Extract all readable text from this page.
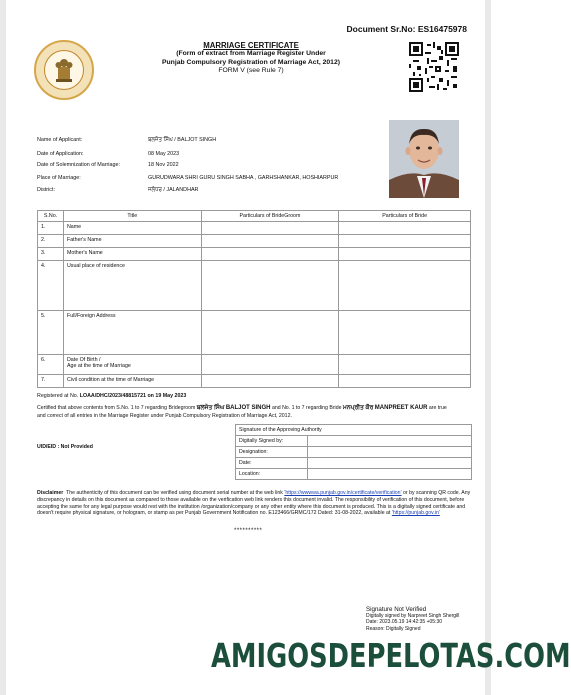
Document Sr.No: ES16475978
MARRIAGE CERTIFICATE
(Form of extract from Marriage Register Under
Punjab Compulsory Registration of Marriage Act, 2012)
FORM V (see Rule 7)
Name of Applicant:	ਬਲਜੋਤ ਸਿੰਘ / BALJOT SINGH
Date of Application:	08 May 2023
Date of Solemnization of Marriage:	18 Nov 2022
Place of Marriage:	GURUDWARA SHRI GURU SINGH SABHA , GARHSHANKAR, HOSHIARPUR
District:	ਜਲੰਧਰ / JALANDHAR
S.No.	Title	Particulars of BrideGroom	Particulars of Bride
1.	Name		
2.	Father's Name		
3.	Mother's Name		
4.	Usual place of residence		
5.	Full/Foreign Address		
6.	Date Of Birth /
Age at the time of Marriage		
7.	Civil condition at the time of Marriage		
Registered at No. LOAA/DHC/2023/48815721 on 19 May 2023
Certified that above contents from S.No. 1 to 7 regarding Bridegroom ਬਲਜੋਤ ਸਿੰਘ BALJOT SINGH and No. 1 to 7 regarding Bride ਮਨਪ੍ਰੀਤ ਕੌਰ MANPREET KAUR are true
and correct of all entries in the Marriage Register under Punjab Compulsory Registration of Marriage Act, 2012.
UID/EID : Not Provided
Signature of the Approving Authority	
Digitally Signed by:	
Designation:	
Date:	
Location:	
Disclaimer The authenticity of this document can be verified using document serial number at the web link 'https://wwwwa.punjab.gov.in/certificate/verification' or by scanning QR code. Any discrepancy in details on this document as compared to those available on the verification web link renders this document invalid. The responsibility of verification of this document, before accepting the same for any legal purpose would rest with the institution /organization/company or any other entity where this document is produced. This is a digitally signed certificate and doesn't require physical signature, or hologram, or stamp as per Punjab Government Notification no. E123466/GRMC/172 Dated: 31-08-2022, available at 'https://punjab.gov.in'
**********
Signature Not Verified
Digitally signed by Narpreet Singh Shergill
Date: 2023.05.19 14:42:35 +05:30
Reason: Digitally Signed
AMIGOSDEPELOTAS.COM
